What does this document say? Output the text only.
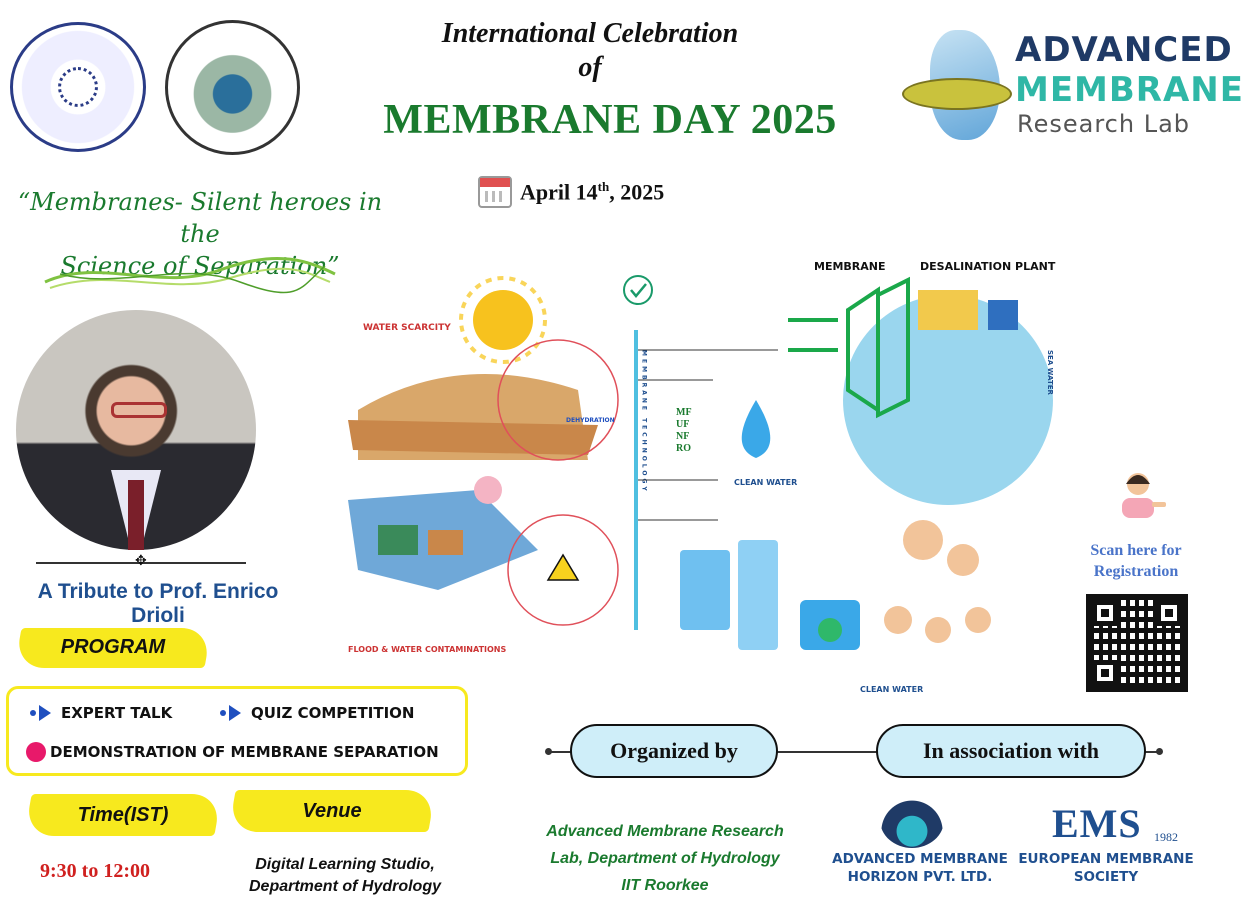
ADVANCED
MEMBRANE
Research Lab
International Celebration
of
MEMBRANE DAY 2025
April 14th, 2025
“Membranes- Silent heroes in the
Science of Separation”
✥
A Tribute to Prof. Enrico Drioli
PROGRAM
EXPERT TALK	QUIZ COMPETITION
DEMONSTRATION OF MEMBRANE SEPARATION
Time(IST)	Venue
9:30 to 12:00	Digital Learning Studio,
Department of Hydrology
WATER SCARCITY
DEHYDRATION
FLOOD & WATER CONTAMINATIONS
MEMBRANE TECHNOLOGY	MF
UF
NF
RO
CLEAN WATER
MEMBRANE	DESALINATION PLANT
SEA WATER
CLEAN WATER
Scan here for
Registration
Organized by	In association with
Advanced Membrane Research
Lab, Department of Hydrology
IIT Roorkee
ADVANCED MEMBRANE
HORIZON PVT. LTD.
EMS 1982
EUROPEAN MEMBRANE
SOCIETY
